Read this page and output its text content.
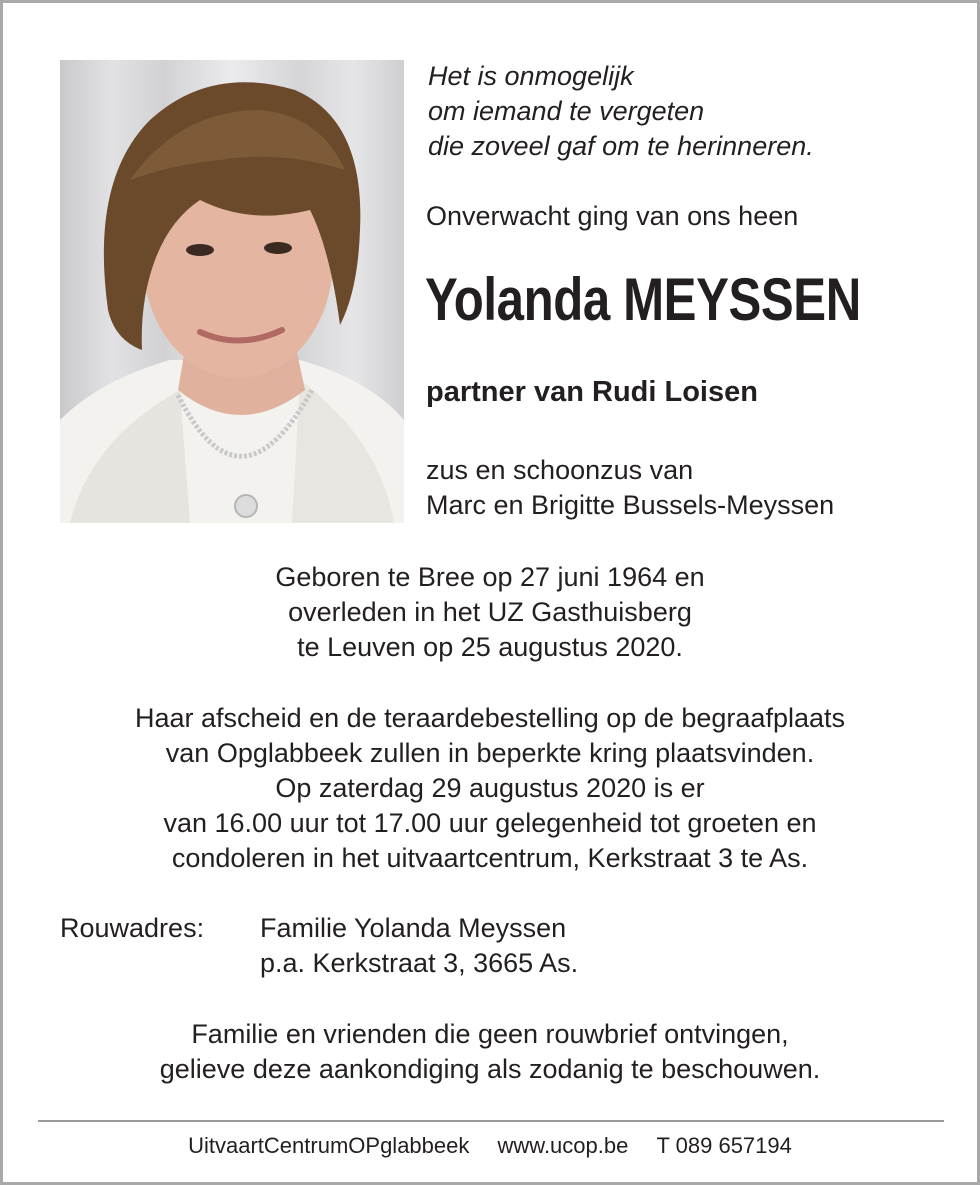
Het is onmogelijk
om iemand te vergeten
die zoveel gaf om te herinneren.
Onverwacht ging van ons heen
Yolanda MEYSSEN
partner van Rudi Loisen
zus en schoonzus van
Marc en Brigitte Bussels-Meyssen
Geboren te Bree op 27 juni 1964 en
overleden in het UZ Gasthuisberg
te Leuven op 25 augustus 2020.
Haar afscheid en de teraardebestelling op de begraafplaats
van Opglabbeek zullen in beperkte kring plaatsvinden.
Op zaterdag 29 augustus 2020 is er
van 16.00 uur tot 17.00 uur gelegenheid tot groeten en
condoleren in het uitvaartcentrum, Kerkstraat 3 te As.
Rouwadres: Familie Yolanda Meyssen
p.a. Kerkstraat 3, 3665 As.
Familie en vrienden die geen rouwbrief ontvingen,
gelieve deze aankondiging als zodanig te beschouwen.
UitvaartCentrumOPglabbeek www.ucop.be T 089 657194
